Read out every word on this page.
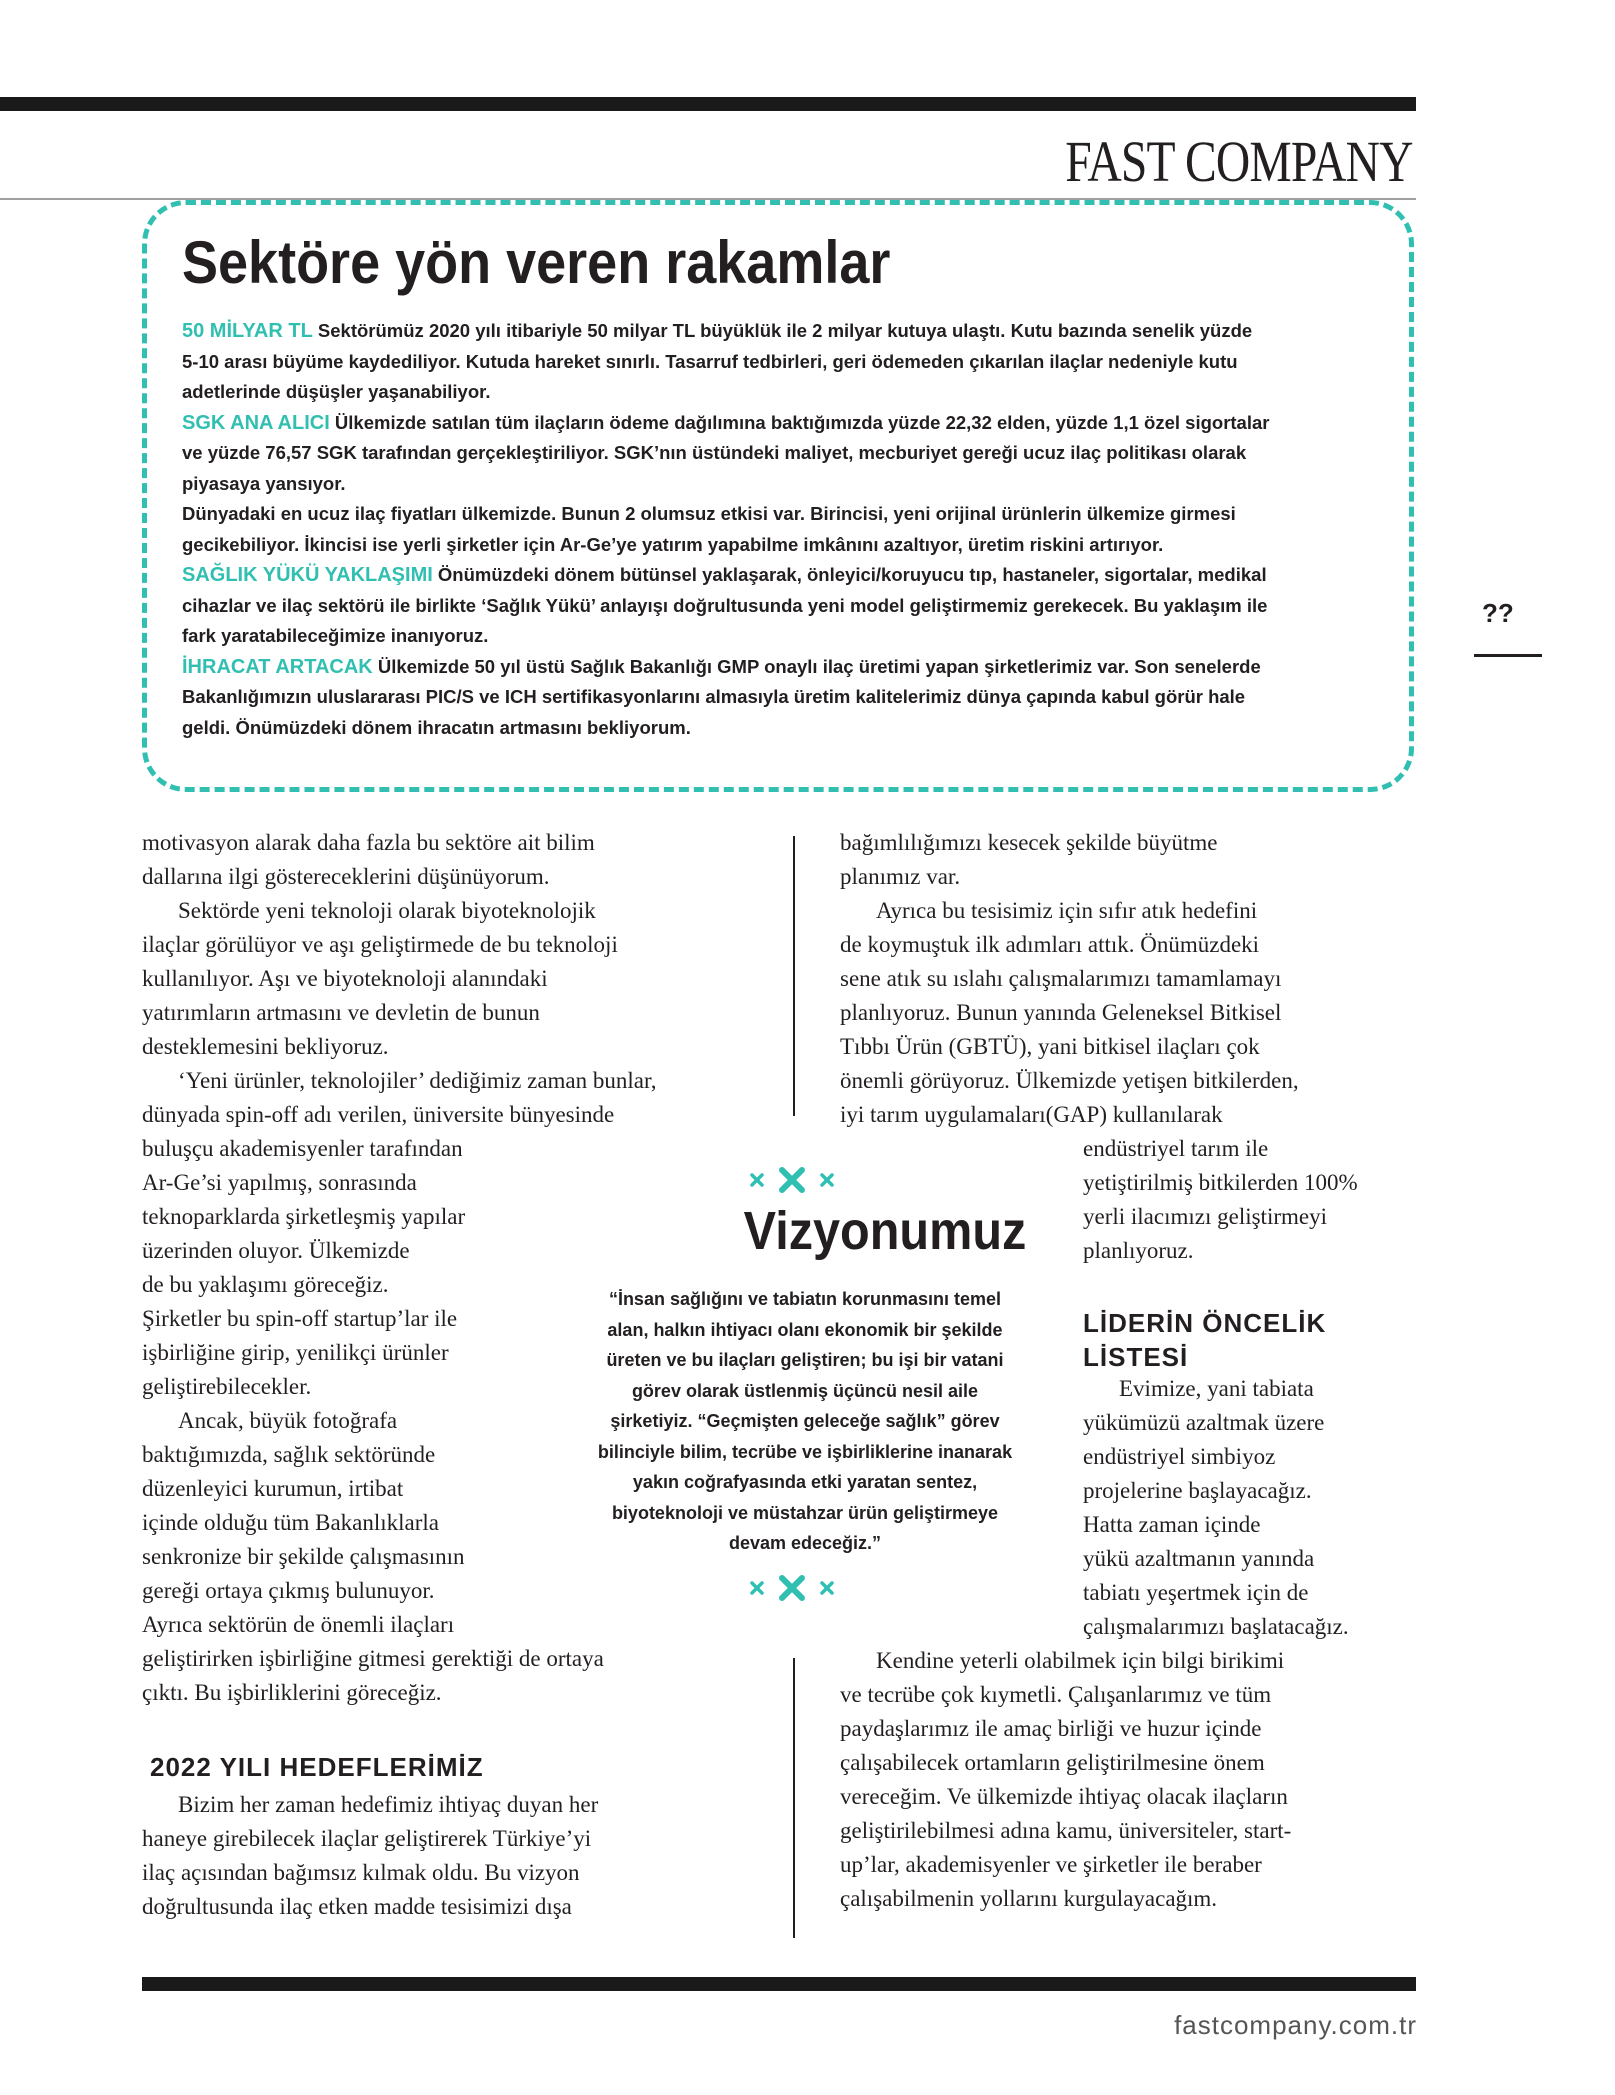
FAST COMPANY
Sektöre yön veren rakamlar

50 MİLYAR TL Sektörümüz 2020 yılı itibariyle 50 milyar TL büyüklük ile 2 milyar kutuya ulaştı. Kutu bazında senelik yüzde

5-10 arası büyüme kaydediliyor. Kutuda hareket sınırlı. Tasarruf tedbirleri, geri ödemeden çıkarılan ilaçlar nedeniyle kutu

adetlerinde düşüşler yaşanabiliyor.

SGK ANA ALICI Ülkemizde satılan tüm ilaçların ödeme dağılımına baktığımızda yüzde 22,32 elden, yüzde 1,1 özel sigortalar

ve yüzde 76,57 SGK tarafından gerçekleştiriliyor. SGK’nın üstündeki maliyet, mecburiyet gereği ucuz ilaç politikası olarak

piyasaya yansıyor.

Dünyadaki en ucuz ilaç fiyatları ülkemizde. Bunun 2 olumsuz etkisi var. Birincisi, yeni orijinal ürünlerin ülkemize girmesi

gecikebiliyor. İkincisi ise yerli şirketler için Ar-Ge’ye yatırım yapabilme imkânını azaltıyor, üretim riskini artırıyor.

SAĞLIK YÜKÜ YAKLAŞIMI Önümüzdeki dönem bütünsel yaklaşarak, önleyici/koruyucu tıp, hastaneler, sigortalar, medikal

cihazlar ve ilaç sektörü ile birlikte ‘Sağlık Yükü’ anlayışı doğrultusunda yeni model geliştirmemiz gerekecek. Bu yaklaşım ile

fark yaratabileceğimize inanıyoruz.

İHRACAT ARTACAK Ülkemizde 50 yıl üstü Sağlık Bakanlığı GMP onaylı ilaç üretimi yapan şirketlerimiz var. Son senelerde

Bakanlığımızın uluslararası PIC/S ve ICH sertifikasyonlarını almasıyla üretim kalitelerimiz dünya çapında kabul görür hale

geldi. Önümüzdeki dönem ihracatın artmasını bekliyorum.

??

motivasyon alarak daha fazla bu sektöre ait bilim

dallarına ilgi göstereceklerini düşünüyorum.

Sektörde yeni teknoloji olarak biyoteknolojik

ilaçlar görülüyor ve aşı geliştirmede de bu teknoloji

kullanılıyor. Aşı ve biyoteknoloji alanındaki

yatırımların artmasını ve devletin de bunun

desteklemesini bekliyoruz.

‘Yeni ürünler, teknolojiler’ dediğimiz zaman bunlar,

dünyada spin-off adı verilen, üniversite bünyesinde

buluşçu akademisyenler tarafından

Ar-Ge’si yapılmış, sonrasında

teknoparklarda şirketleşmiş yapılar

üzerinden oluyor. Ülkemizde

de bu yaklaşımı göreceğiz.

Şirketler bu spin-off startup’lar ile

işbirliğine girip, yenilikçi ürünler

geliştirebilecekler.

Ancak, büyük fotoğrafa

baktığımızda, sağlık sektöründe

düzenleyici kurumun, irtibat

içinde olduğu tüm Bakanlıklarla

senkronize bir şekilde çalışmasının

gereği ortaya çıkmış bulunuyor.

Ayrıca sektörün de önemli ilaçları

geliştirirken işbirliğine gitmesi gerektiği de ortaya

çıktı. Bu işbirliklerini göreceğiz.

2022 YILI HEDEFLERİMİZ

Bizim her zaman hedefimiz ihtiyaç duyan her

haneye girebilecek ilaçlar geliştirerek Türkiye’yi

ilaç açısından bağımsız kılmak oldu. Bu vizyon

doğrultusunda ilaç etken madde tesisimizi dışa

bağımlılığımızı kesecek şekilde büyütme

planımız var.

Ayrıca bu tesisimiz için sıfır atık hedefini

de koymuştuk ilk adımları attık. Önümüzdeki

sene atık su ıslahı çalışmalarımızı tamamlamayı

planlıyoruz. Bunun yanında Geleneksel Bitkisel

Tıbbı Ürün (GBTÜ), yani bitkisel ilaçları çok

önemli görüyoruz. Ülkemizde yetişen bitkilerden,

iyi tarım uygulamaları(GAP) kullanılarak

endüstriyel tarım ile

yetiştirilmiş bitkilerden 100%

yerli ilacımızı geliştirmeyi

planlıyoruz.

LİDERİN ÖNCELİK
LİSTESİ

Evimize, yani tabiata

yükümüzü azaltmak üzere

endüstriyel simbiyoz

projelerine başlayacağız.

Hatta zaman içinde

yükü azaltmanın yanında

tabiatı yeşertmek için de

çalışmalarımızı başlatacağız.

Kendine yeterli olabilmek için bilgi birikimi

ve tecrübe çok kıymetli. Çalışanlarımız ve tüm

paydaşlarımız ile amaç birliği ve huzur içinde

çalışabilecek ortamların geliştirilmesine önem

vereceğim. Ve ülkemizde ihtiyaç olacak ilaçların

geliştirilebilmesi adına kamu, üniversiteler, start-

up’lar, akademisyenler ve şirketler ile beraber

çalışabilmenin yollarını kurgulayacağım.

Vizyonumuz
“İnsan sağlığını ve tabiatın korunmasını temel
alan, halkın ihtiyacı olanı ekonomik bir şekilde
üreten ve bu ilaçları geliştiren; bu işi bir vatani
görev olarak üstlenmiş üçüncü nesil aile
şirketiyiz. “Geçmişten geleceğe sağlık” görev
bilinciyle bilim, tecrübe ve işbirliklerine inanarak
yakın coğrafyasında etki yaratan sentez,
biyoteknoloji ve müstahzar ürün geliştirmeye
devam edeceğiz.”
fastcompany.com.tr
